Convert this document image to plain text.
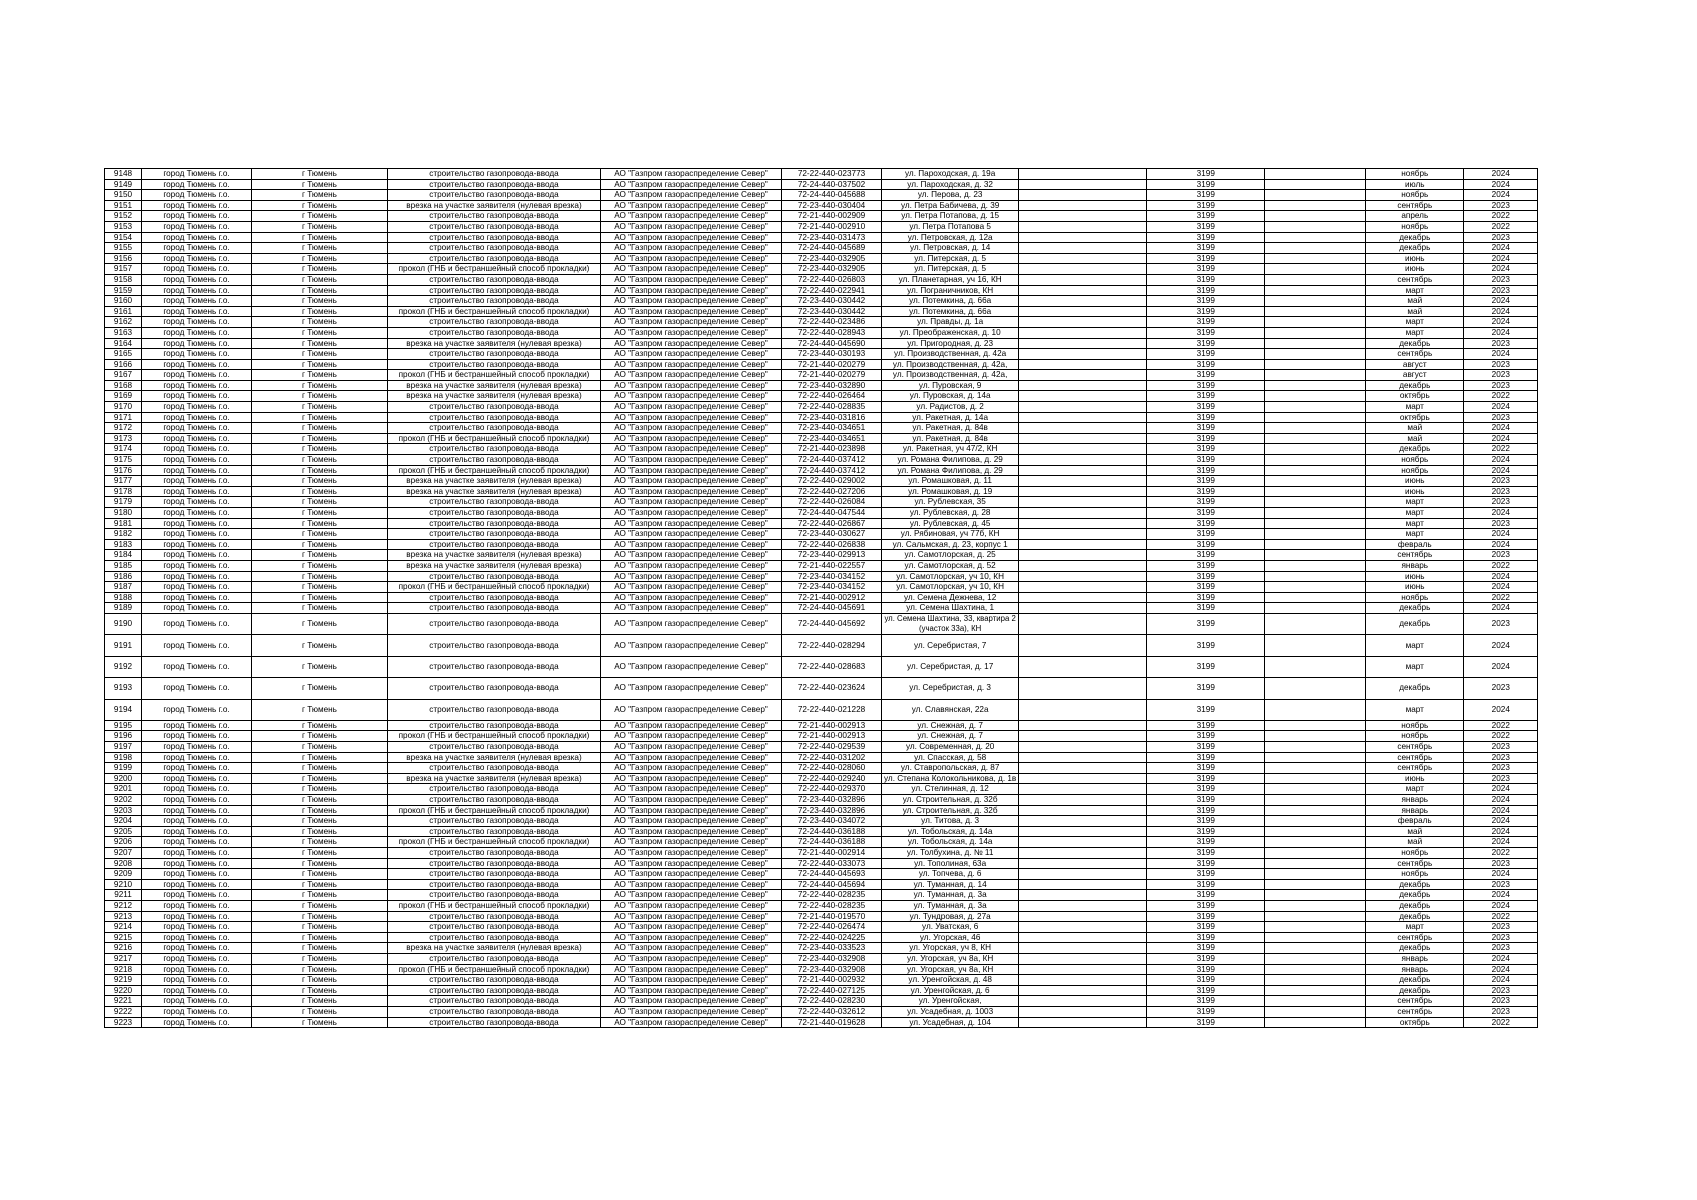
9148	город Тюмень г.о.	г Тюмень	строительство газопровода-ввода	АО "Газпром газораспределение Север"	72-22-440-023773	ул. Пароходская, д. 19а		3199		ноябрь	2024
9149	город Тюмень г.о.	г Тюмень	строительство газопровода-ввода	АО "Газпром газораспределение Север"	72-24-440-037502	ул. Пароходская, д. 32		3199		июль	2024
9150	город Тюмень г.о.	г Тюмень	строительство газопровода-ввода	АО "Газпром газораспределение Север"	72-24-440-045688	ул. Перова, д. 23		3199		ноябрь	2024
9151	город Тюмень г.о.	г Тюмень	врезка на участке заявителя (нулевая врезка)	АО "Газпром газораспределение Север"	72-23-440-030404	ул. Петра Бабичева, д. 39		3199		сентябрь	2023
9152	город Тюмень г.о.	г Тюмень	строительство газопровода-ввода	АО "Газпром газораспределение Север"	72-21-440-002909	ул. Петра Потапова, д. 15		3199		апрель	2022
9153	город Тюмень г.о.	г Тюмень	строительство газопровода-ввода	АО "Газпром газораспределение Север"	72-21-440-002910	ул. Петра Потапова 5		3199		ноябрь	2022
9154	город Тюмень г.о.	г Тюмень	строительство газопровода-ввода	АО "Газпром газораспределение Север"	72-23-440-031473	ул. Петровская, д. 12а		3199		декабрь	2023
9155	город Тюмень г.о.	г Тюмень	строительство газопровода-ввода	АО "Газпром газораспределение Север"	72-24-440-045689	ул. Петровская, д. 14		3199		декабрь	2024
9156	город Тюмень г.о.	г Тюмень	строительство газопровода-ввода	АО "Газпром газораспределение Север"	72-23-440-032905	ул. Питерская, д. 5		3199		июнь	2024
9157	город Тюмень г.о.	г Тюмень	прокол (ГНБ и бестраншейный способ прокладки)	АО "Газпром газораспределение Север"	72-23-440-032905	ул. Питерская, д. 5		3199		июнь	2024
9158	город Тюмень г.о.	г Тюмень	строительство газопровода-ввода	АО "Газпром газораспределение Север"	72-22-440-026803	ул. Планетарная, уч 16, КН		3199		сентябрь	2023
9159	город Тюмень г.о.	г Тюмень	строительство газопровода-ввода	АО "Газпром газораспределение Север"	72-22-440-022941	ул. Пограничников, КН		3199		март	2023
9160	город Тюмень г.о.	г Тюмень	строительство газопровода-ввода	АО "Газпром газораспределение Север"	72-23-440-030442	ул. Потемкина, д. 66а		3199		май	2024
9161	город Тюмень г.о.	г Тюмень	прокол (ГНБ и бестраншейный способ прокладки)	АО "Газпром газораспределение Север"	72-23-440-030442	ул. Потемкина, д. 66а		3199		май	2024
9162	город Тюмень г.о.	г Тюмень	строительство газопровода-ввода	АО "Газпром газораспределение Север"	72-22-440-023486	ул. Правды, д. 1а		3199		март	2024
9163	город Тюмень г.о.	г Тюмень	строительство газопровода-ввода	АО "Газпром газораспределение Север"	72-22-440-028943	ул. Преображенская, д. 10		3199		март	2024
9164	город Тюмень г.о.	г Тюмень	врезка на участке заявителя (нулевая врезка)	АО "Газпром газораспределение Север"	72-24-440-045690	ул. Пригородная, д. 23		3199		декабрь	2023
9165	город Тюмень г.о.	г Тюмень	строительство газопровода-ввода	АО "Газпром газораспределение Север"	72-23-440-030193	ул. Производственная, д. 42а		3199		сентябрь	2024
9166	город Тюмень г.о.	г Тюмень	строительство газопровода-ввода	АО "Газпром газораспределение Север"	72-21-440-020279	ул. Производственная, д. 42а,		3199		август	2023
9167	город Тюмень г.о.	г Тюмень	прокол (ГНБ и бестраншейный способ прокладки)	АО "Газпром газораспределение Север"	72-21-440-020279	ул. Производственная, д. 42а,		3199		август	2023
9168	город Тюмень г.о.	г Тюмень	врезка на участке заявителя (нулевая врезка)	АО "Газпром газораспределение Север"	72-23-440-032890	ул. Пуровская, 9		3199		декабрь	2023
9169	город Тюмень г.о.	г Тюмень	врезка на участке заявителя (нулевая врезка)	АО "Газпром газораспределение Север"	72-22-440-026464	ул. Пуровская, д. 14а		3199		октябрь	2022
9170	город Тюмень г.о.	г Тюмень	строительство газопровода-ввода	АО "Газпром газораспределение Север"	72-22-440-028835	ул. Радистов, д. 2		3199		март	2024
9171	город Тюмень г.о.	г Тюмень	строительство газопровода-ввода	АО "Газпром газораспределение Север"	72-23-440-031816	ул. Ракетная, д. 14а		3199		октябрь	2023
9172	город Тюмень г.о.	г Тюмень	строительство газопровода-ввода	АО "Газпром газораспределение Север"	72-23-440-034651	ул. Ракетная, д. 84в		3199		май	2024
9173	город Тюмень г.о.	г Тюмень	прокол (ГНБ и бестраншейный способ прокладки)	АО "Газпром газораспределение Север"	72-23-440-034651	ул. Ракетная, д. 84в		3199		май	2024
9174	город Тюмень г.о.	г Тюмень	строительство газопровода-ввода	АО "Газпром газораспределение Север"	72-21-440-023898	ул. Ракетная, уч 47/2, КН		3199		декабрь	2022
9175	город Тюмень г.о.	г Тюмень	строительство газопровода-ввода	АО "Газпром газораспределение Север"	72-24-440-037412	ул. Романа Филипова, д. 29		3199		ноябрь	2024
9176	город Тюмень г.о.	г Тюмень	прокол (ГНБ и бестраншейный способ прокладки)	АО "Газпром газораспределение Север"	72-24-440-037412	ул. Романа Филипова, д. 29		3199		ноябрь	2024
9177	город Тюмень г.о.	г Тюмень	врезка на участке заявителя (нулевая врезка)	АО "Газпром газораспределение Север"	72-22-440-029002	ул. Ромашковая, д. 11		3199		июнь	2023
9178	город Тюмень г.о.	г Тюмень	врезка на участке заявителя (нулевая врезка)	АО "Газпром газораспределение Север"	72-22-440-027206	ул. Ромашковая, д. 19		3199		июнь	2023
9179	город Тюмень г.о.	г Тюмень	строительство газопровода-ввода	АО "Газпром газораспределение Север"	72-22-440-026084	ул. Рублевская, 35		3199		март	2023
9180	город Тюмень г.о.	г Тюмень	строительство газопровода-ввода	АО "Газпром газораспределение Север"	72-24-440-047544	ул. Рублевская, д. 28		3199		март	2024
9181	город Тюмень г.о.	г Тюмень	строительство газопровода-ввода	АО "Газпром газораспределение Север"	72-22-440-026867	ул. Рублевская, д. 45		3199		март	2023
9182	город Тюмень г.о.	г Тюмень	строительство газопровода-ввода	АО "Газпром газораспределение Север"	72-23-440-030627	ул. Рябиновая, уч 77б, КН		3199		март	2024
9183	город Тюмень г.о.	г Тюмень	строительство газопровода-ввода	АО "Газпром газораспределение Север"	72-22-440-026838	ул. Сальмская, д. 23, корпус 1		3199		февраль	2024
9184	город Тюмень г.о.	г Тюмень	врезка на участке заявителя (нулевая врезка)	АО "Газпром газораспределение Север"	72-23-440-029913	ул. Самотлорская, д. 25		3199		сентябрь	2023
9185	город Тюмень г.о.	г Тюмень	врезка на участке заявителя (нулевая врезка)	АО "Газпром газораспределение Север"	72-21-440-022557	ул. Самотлорская, д. 52		3199		январь	2022
9186	город Тюмень г.о.	г Тюмень	строительство газопровода-ввода	АО "Газпром газораспределение Север"	72-23-440-034152	ул. Самотлорская, уч 10, КН		3199		июнь	2024
9187	город Тюмень г.о.	г Тюмень	прокол (ГНБ и бестраншейный способ прокладки)	АО "Газпром газораспределение Север"	72-23-440-034152	ул. Самотлорская, уч 10, КН		3199		июнь	2024
9188	город Тюмень г.о.	г Тюмень	строительство газопровода-ввода	АО "Газпром газораспределение Север"	72-21-440-002912	ул. Семена Дежнева, 12		3199		ноябрь	2022
9189	город Тюмень г.о.	г Тюмень	строительство газопровода-ввода	АО "Газпром газораспределение Север"	72-24-440-045691	ул. Семена Шахтина, 1		3199		декабрь	2024
9190	город Тюмень г.о.	г Тюмень	строительство газопровода-ввода	АО "Газпром газораспределение Север"	72-24-440-045692	ул. Семена Шахтина, 33, квартира 2 (участок 33а), КН		3199		декабрь	2023
9191	город Тюмень г.о.	г Тюмень	строительство газопровода-ввода	АО "Газпром газораспределение Север"	72-22-440-028294	ул. Серебристая, 7		3199		март	2024
9192	город Тюмень г.о.	г Тюмень	строительство газопровода-ввода	АО "Газпром газораспределение Север"	72-22-440-028683	ул. Серебристая, д. 17		3199		март	2024
9193	город Тюмень г.о.	г Тюмень	строительство газопровода-ввода	АО "Газпром газораспределение Север"	72-22-440-023624	ул. Серебристая, д. 3		3199		декабрь	2023
9194	город Тюмень г.о.	г Тюмень	строительство газопровода-ввода	АО "Газпром газораспределение Север"	72-22-440-021228	ул. Славянская, 22а		3199		март	2024
9195	город Тюмень г.о.	г Тюмень	строительство газопровода-ввода	АО "Газпром газораспределение Север"	72-21-440-002913	ул. Снежная, д. 7		3199		ноябрь	2022
9196	город Тюмень г.о.	г Тюмень	прокол (ГНБ и бестраншейный способ прокладки)	АО "Газпром газораспределение Север"	72-21-440-002913	ул. Снежная, д. 7		3199		ноябрь	2022
9197	город Тюмень г.о.	г Тюмень	строительство газопровода-ввода	АО "Газпром газораспределение Север"	72-22-440-029539	ул. Современная, д. 20		3199		сентябрь	2023
9198	город Тюмень г.о.	г Тюмень	врезка на участке заявителя (нулевая врезка)	АО "Газпром газораспределение Север"	72-22-440-031202	ул. Спасская, д. 58		3199		сентябрь	2023
9199	город Тюмень г.о.	г Тюмень	строительство газопровода-ввода	АО "Газпром газораспределение Север"	72-22-440-028060	ул. Ставропольская, д. 87		3199		сентябрь	2023
9200	город Тюмень г.о.	г Тюмень	врезка на участке заявителя (нулевая врезка)	АО "Газпром газораспределение Север"	72-22-440-029240	ул. Степана Колокольникова, д. 1в		3199		июнь	2023
9201	город Тюмень г.о.	г Тюмень	строительство газопровода-ввода	АО "Газпром газораспределение Север"	72-22-440-029370	ул. Стелинная, д. 12		3199		март	2024
9202	город Тюмень г.о.	г Тюмень	строительство газопровода-ввода	АО "Газпром газораспределение Север"	72-23-440-032896	ул. Строительная, д. 32б		3199		январь	2024
9203	город Тюмень г.о.	г Тюмень	прокол (ГНБ и бестраншейный способ прокладки)	АО "Газпром газораспределение Север"	72-23-440-032896	ул. Строительная, д. 32б		3199		январь	2024
9204	город Тюмень г.о.	г Тюмень	строительство газопровода-ввода	АО "Газпром газораспределение Север"	72-23-440-034072	ул. Титова, д. 3		3199		февраль	2024
9205	город Тюмень г.о.	г Тюмень	строительство газопровода-ввода	АО "Газпром газораспределение Север"	72-24-440-036188	ул. Тобольская, д. 14а		3199		май	2024
9206	город Тюмень г.о.	г Тюмень	прокол (ГНБ и бестраншейный способ прокладки)	АО "Газпром газораспределение Север"	72-24-440-036188	ул. Тобольская, д. 14а		3199		май	2024
9207	город Тюмень г.о.	г Тюмень	строительство газопровода-ввода	АО "Газпром газораспределение Север"	72-21-440-002914	ул. Толбухина, д. № 11		3199		ноябрь	2022
9208	город Тюмень г.о.	г Тюмень	строительство газопровода-ввода	АО "Газпром газораспределение Север"	72-22-440-033073	ул. Тополиная, 63а		3199		сентябрь	2023
9209	город Тюмень г.о.	г Тюмень	строительство газопровода-ввода	АО "Газпром газораспределение Север"	72-24-440-045693	ул. Топчева, д. 6		3199		ноябрь	2024
9210	город Тюмень г.о.	г Тюмень	строительство газопровода-ввода	АО "Газпром газораспределение Север"	72-24-440-045694	ул. Туманная, д. 14		3199		декабрь	2023
9211	город Тюмень г.о.	г Тюмень	строительство газопровода-ввода	АО "Газпром газораспределение Север"	72-22-440-028235	ул. Туманная, д. 3а		3199		декабрь	2024
9212	город Тюмень г.о.	г Тюмень	прокол (ГНБ и бестраншейный способ прокладки)	АО "Газпром газораспределение Север"	72-22-440-028235	ул. Туманная, д. 3а		3199		декабрь	2024
9213	город Тюмень г.о.	г Тюмень	строительство газопровода-ввода	АО "Газпром газораспределение Север"	72-21-440-019570	ул. Тундровая, д. 27а		3199		декабрь	2022
9214	город Тюмень г.о.	г Тюмень	строительство газопровода-ввода	АО "Газпром газораспределение Север"	72-22-440-026474	ул. Уватская, 6		3199		март	2023
9215	город Тюмень г.о.	г Тюмень	строительство газопровода-ввода	АО "Газпром газораспределение Север"	72-22-440-024225	ул. Угорская, 46		3199		сентябрь	2023
9216	город Тюмень г.о.	г Тюмень	врезка на участке заявителя (нулевая врезка)	АО "Газпром газораспределение Север"	72-23-440-033523	ул. Угорская, уч 8, КН		3199		декабрь	2023
9217	город Тюмень г.о.	г Тюмень	строительство газопровода-ввода	АО "Газпром газораспределение Север"	72-23-440-032908	ул. Угорская, уч 8а, КН		3199		январь	2024
9218	город Тюмень г.о.	г Тюмень	прокол (ГНБ и бестраншейный способ прокладки)	АО "Газпром газораспределение Север"	72-23-440-032908	ул. Угорская, уч 8а, КН		3199		январь	2024
9219	город Тюмень г.о.	г Тюмень	строительство газопровода-ввода	АО "Газпром газораспределение Север"	72-21-440-002932	ул. Уренгойская, д. 48		3199		декабрь	2024
9220	город Тюмень г.о.	г Тюмень	строительство газопровода-ввода	АО "Газпром газораспределение Север"	72-22-440-027125	ул. Уренгойская, д. 6		3199		декабрь	2023
9221	город Тюмень г.о.	г Тюмень	строительство газопровода-ввода	АО "Газпром газораспределение Север"	72-22-440-028230	ул. Уренгойская,		3199		сентябрь	2023
9222	город Тюмень г.о.	г Тюмень	строительство газопровода-ввода	АО "Газпром газораспределение Север"	72-22-440-032612	ул. Усадебная, д. 1003		3199		сентябрь	2023
9223	город Тюмень г.о.	г Тюмень	строительство газопровода-ввода	АО "Газпром газораспределение Север"	72-21-440-019628	ул. Усадебная, д. 104		3199		октябрь	2022
